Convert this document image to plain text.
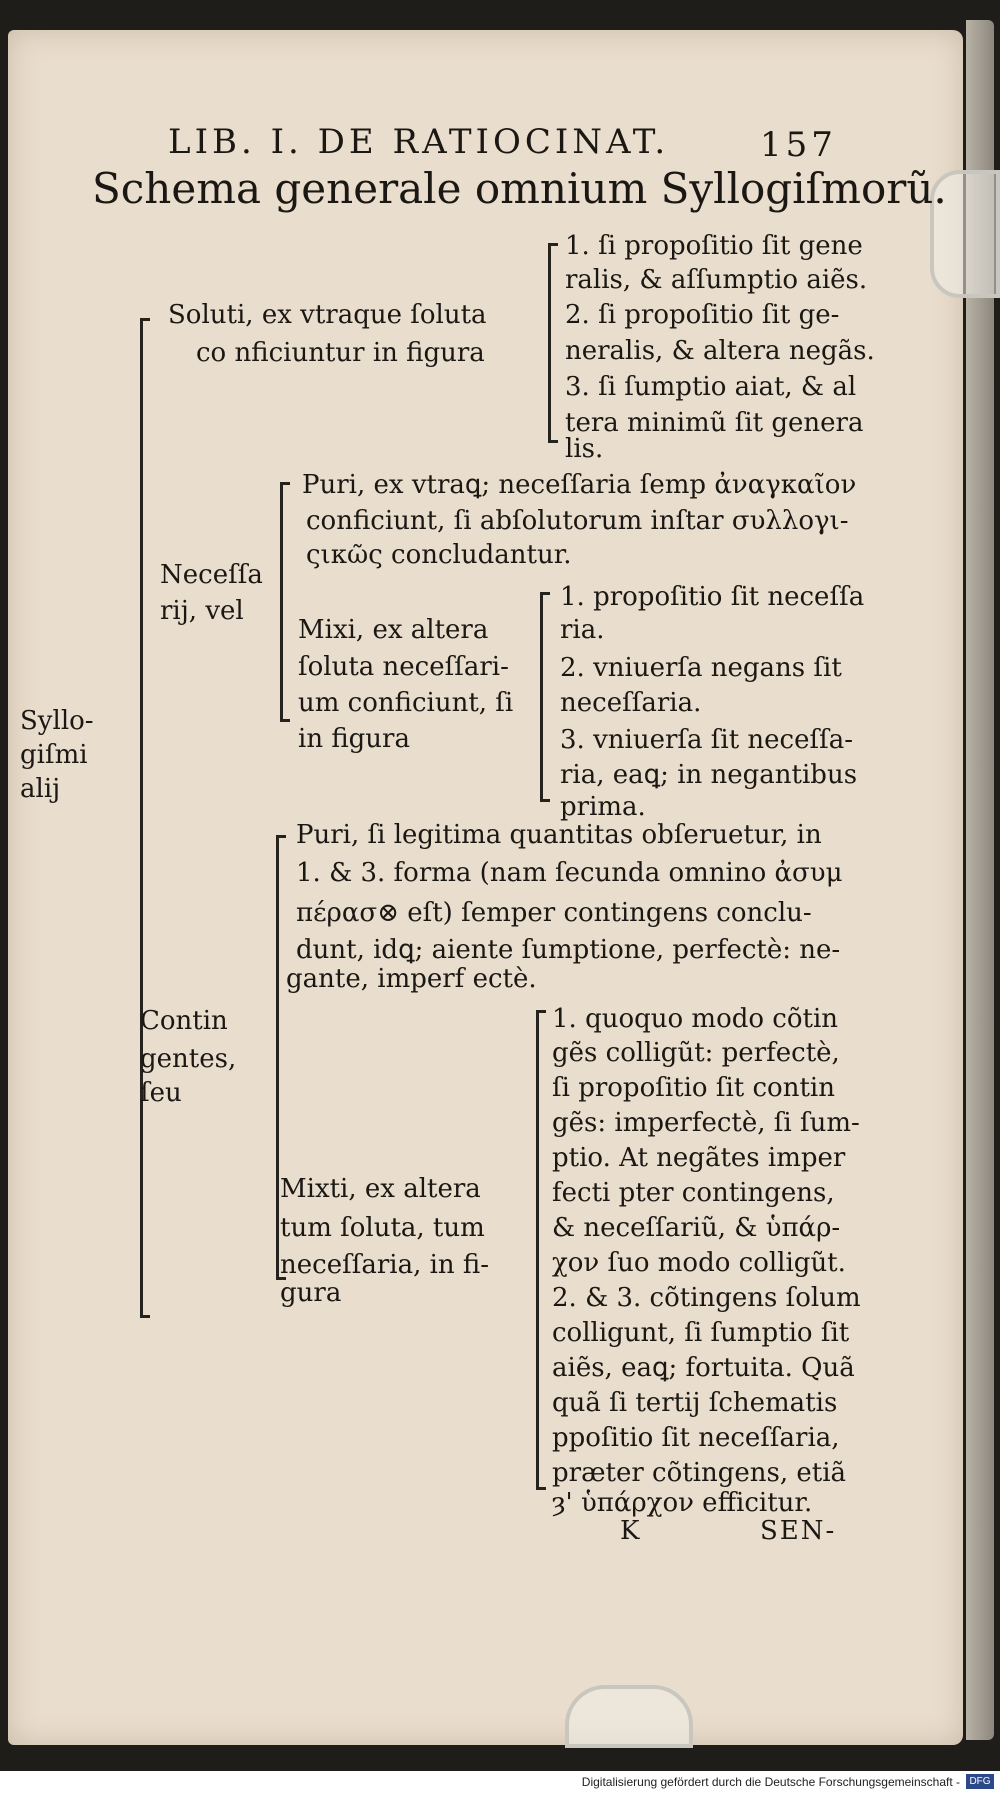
LIB. I. DE RATIOCINAT.	157
Schema generale omnium Syllogiſmorũ.
Syllo-
giſmi
alij
Soluti, ex vtraque ſoluta
co nficiuntur in figura
1. ſi propoſitio ſit gene
ralis, & aſſumptio aiẽs.
2. ſi propoſitio ſit ge-
neralis, & altera negãs.
3. ſi ſumptio aiat, & al
tera minimũ ſit genera
lis.
Neceſſa
rij, vel
Puri, ex vtraꝗ; neceſſaria ſemp ἀναγκαῖον
conficiunt, ſi abſolutorum inſtar συλλογι-
ςικῶς concludantur.
Mixi, ex altera
ſoluta neceſſari-
um conficiunt, ſi
in figura
1. propoſitio ſit neceſſa
ria.
2. vniuerſa negans ſit
neceſſaria.
3. vniuerſa ſit neceſſa-
ria, eaꝗ; in negantibus
prima.
Contin
gentes,
ſeu
Puri, ſi legitima quantitas obſeruetur, in
1. & 3. forma (nam ſecunda omnino ἀσυμ
πέρασ⊗ eſt) ſemper contingens conclu-
dunt, idꝗ; aiente ſumptione, perfectè: ne-
gante, imperf ectè.
Mixti, ex altera
tum ſoluta, tum
neceſſaria, in fi-
gura
1. quoquo modo cõtin
gẽs colligũt: perfectè,
ſi propoſitio ſit contin
gẽs: imperfectè, ſi ſum-
ptio. At negãtes imper
fecti pter contingens,
& neceſſariũ, & ὑπάρ-
χον ſuo modo colligũt.
2. & 3. cõtingens ſolum
colligunt, ſi ſumptio ſit
aiẽs, eaꝗ; fortuita. Quã
quã ſi tertij ſchematis
ppoſitio ſit neceſſaria,
præter cõtingens, etiã
ȝ' ὑπάρχον efficitur.
K	SEN-
Digitalisierung gefördert durch die Deutsche Forschungsgemeinschaft - DFG
